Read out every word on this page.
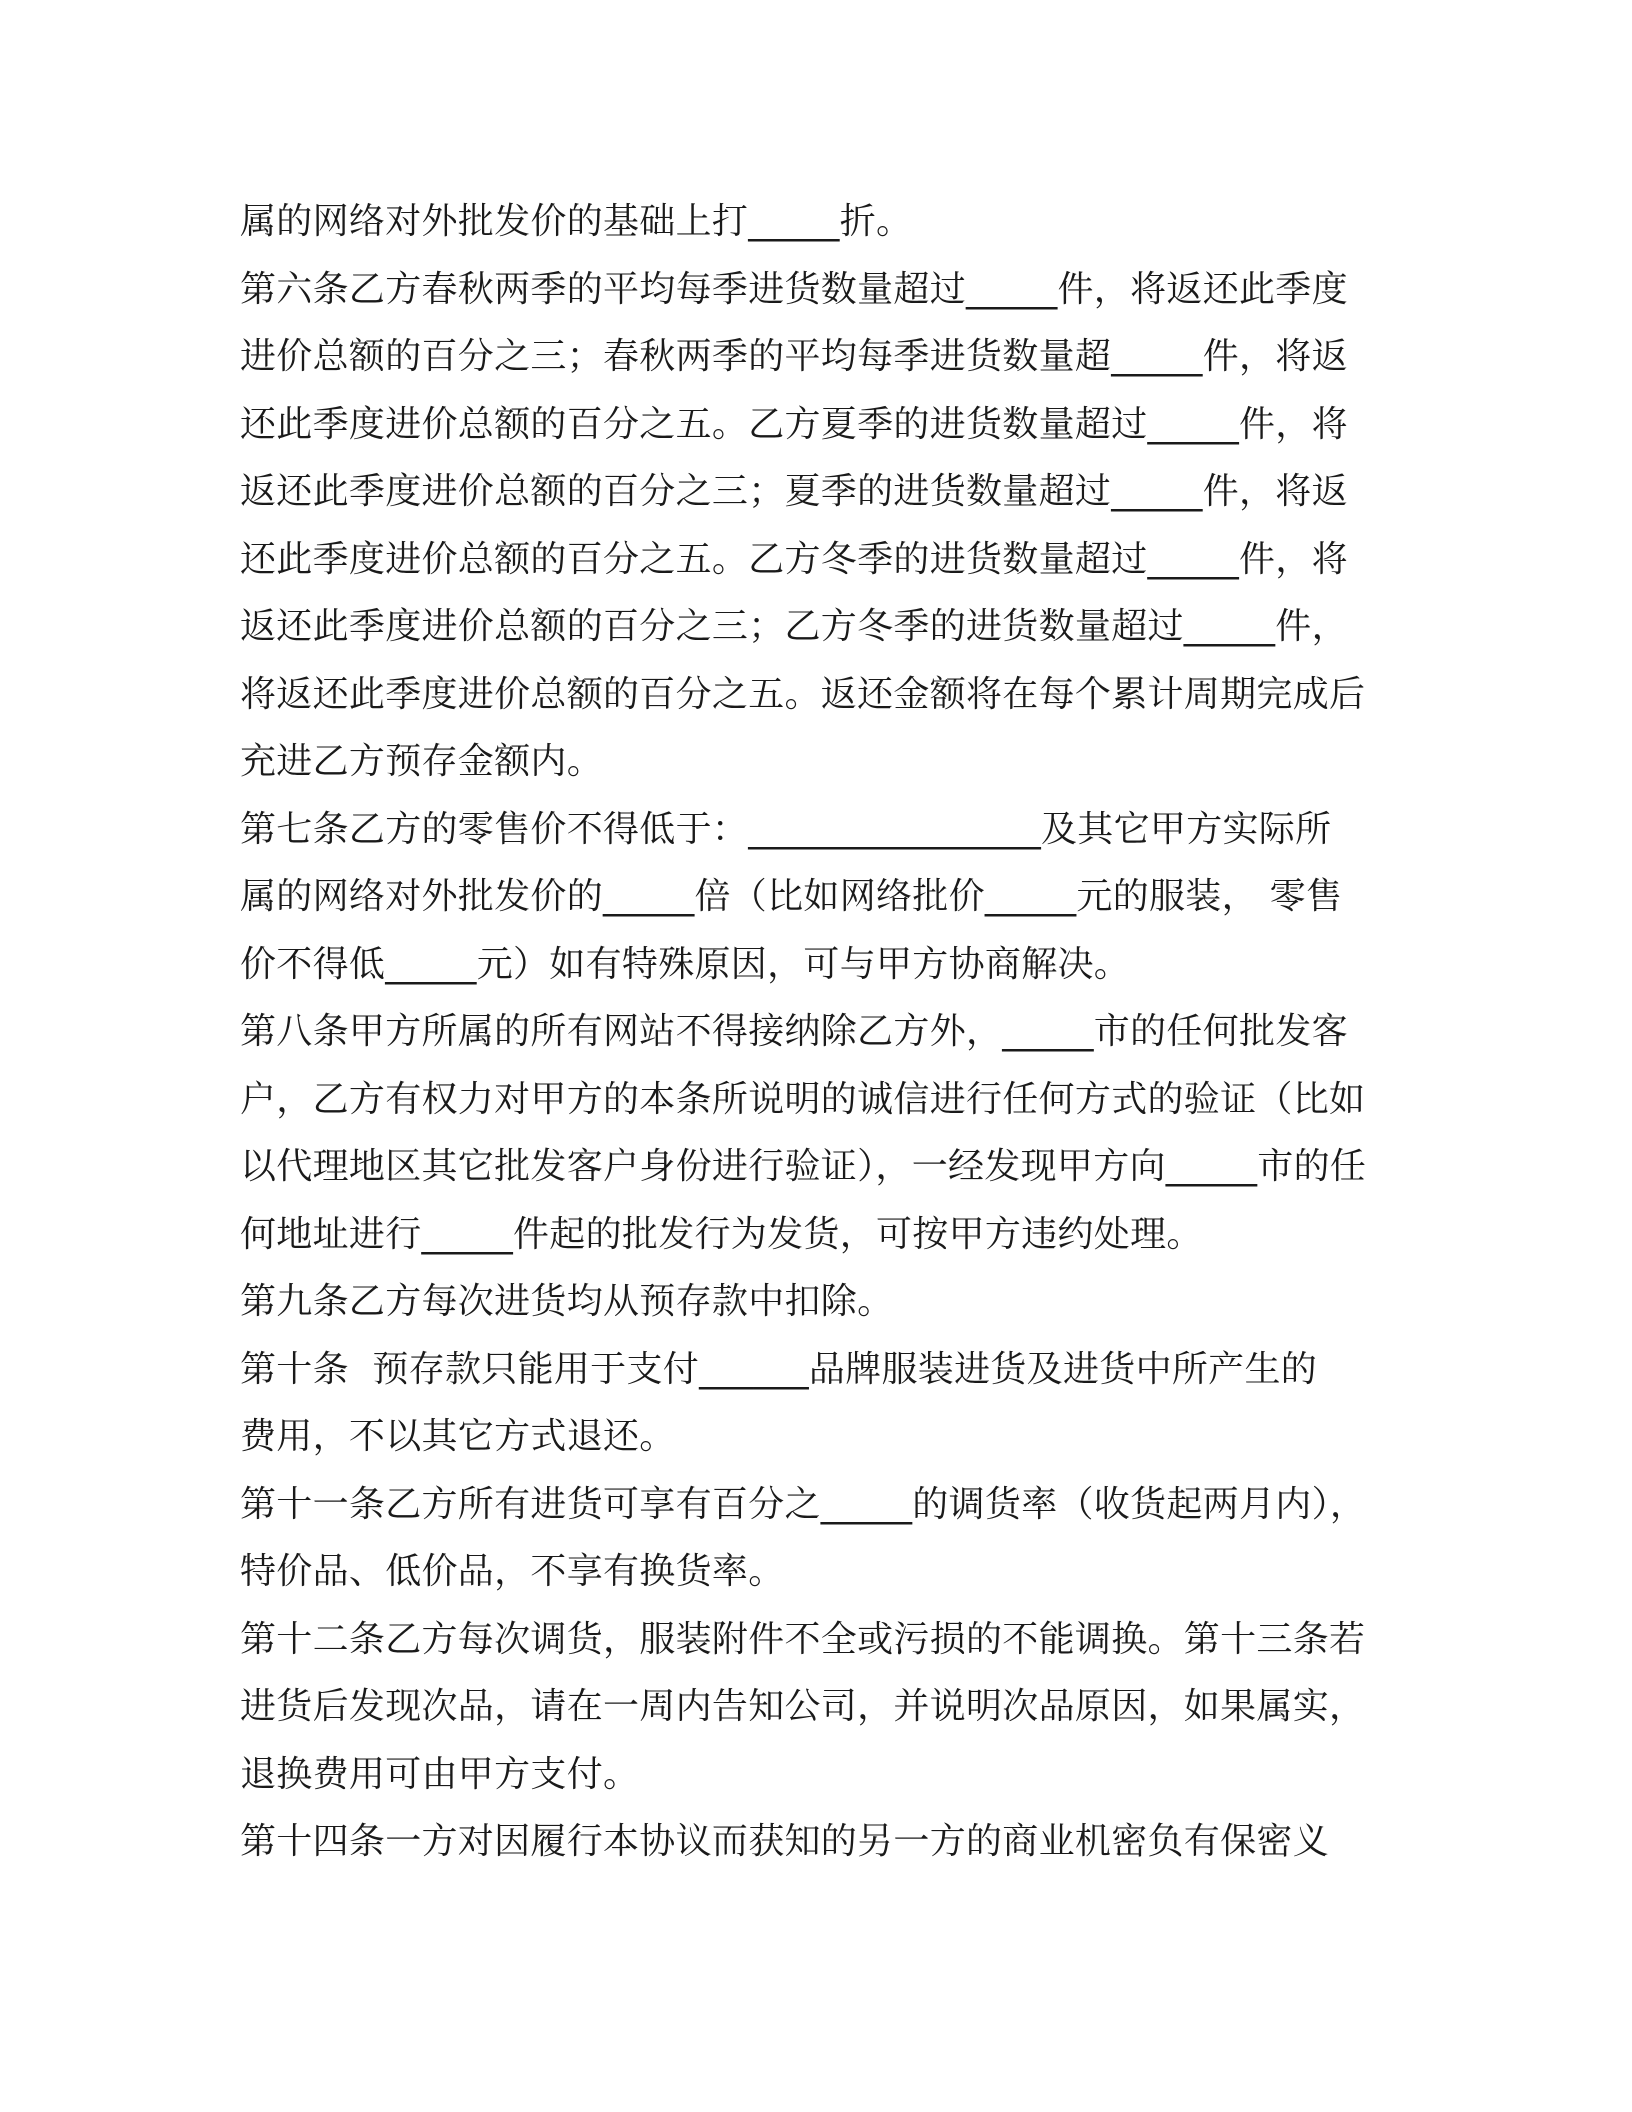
属的网络对外批发价的基础上打_____折。
第六条乙方春秋两季的平均每季进货数量超过_____件，将返还此季度
进价总额的百分之三；春秋两季的平均每季进货数量超_____件，将返
还此季度进价总额的百分之五。乙方夏季的进货数量超过_____件，将
返还此季度进价总额的百分之三；夏季的进货数量超过_____件，将返
还此季度进价总额的百分之五。乙方冬季的进货数量超过_____件，将
返还此季度进价总额的百分之三；乙方冬季的进货数量超过_____件，
将返还此季度进价总额的百分之五。返还金额将在每个累计周期完成后
充进乙方预存金额内。
第七条乙方的零售价不得低于：________________及其它甲方实际所
属的网络对外批发价的_____倍（比如网络批价_____元的服装， 零售
价不得低_____元）如有特殊原因，可与甲方协商解决。
第八条甲方所属的所有网站不得接纳除乙方外，_____市的任何批发客
户，乙方有权力对甲方的本条所说明的诚信进行任何方式的验证（比如
以代理地区其它批发客户身份进行验证），一经发现甲方向_____市的任
何地址进行_____件起的批发行为发货，可按甲方违约处理。
第九条乙方每次进货均从预存款中扣除。
第十条  预存款只能用于支付______品牌服装进货及进货中所产生的
费用，不以其它方式退还。
第十一条乙方所有进货可享有百分之_____的调货率（收货起两月内），
特价品、低价品，不享有换货率。
第十二条乙方每次调货，服装附件不全或污损的不能调换。第十三条若
进货后发现次品，请在一周内告知公司，并说明次品原因，如果属实，
退换费用可由甲方支付。
第十四条一方对因履行本协议而获知的另一方的商业机密负有保密义
